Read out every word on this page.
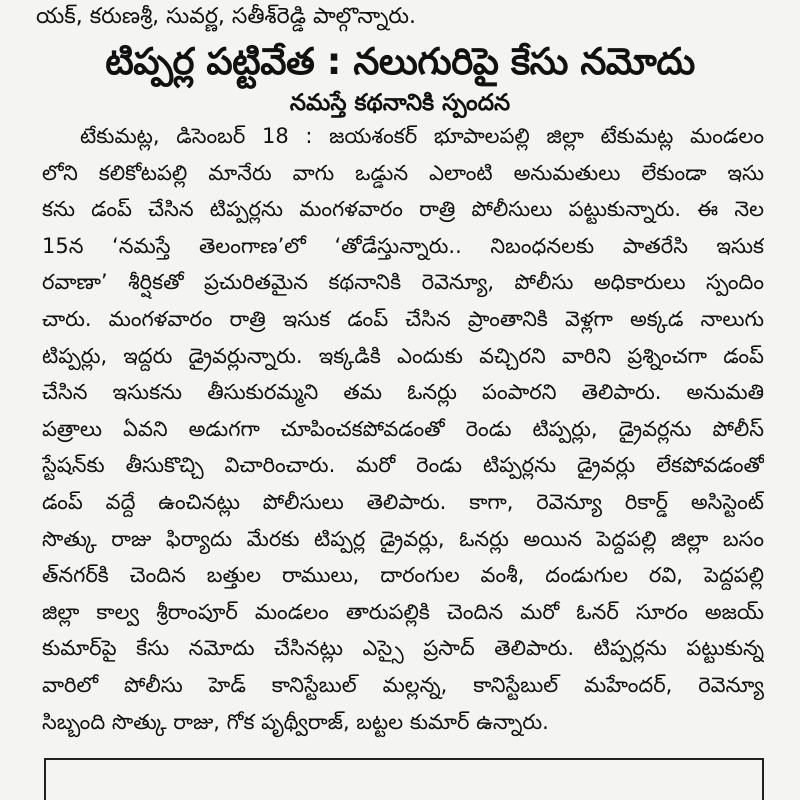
యక్‌, కరుణశ్రీ, సువర్ణ, సతీశ్‌రెడ్డి పాల్గొన్నారు.
టిప్పర్ల పట్టివేత : నలుగురిపై కేసు నమోదు
నమస్తే కథనానికి స్పందన
టేకుమట్ల, డిసెంబర్ 18 : జయశంకర్ భూపాలపల్లి జిల్లా టేకుమట్ల మండలం
లోని కలికోటపల్లి మానేరు వాగు ఒడ్డున ఎలాంటి అనుమతులు లేకుండా ఇసు
కను డంప్ చేసిన టిప్పర్లను మంగళవారం రాత్రి పోలీసులు పట్టుకున్నారు. ఈ నెల
15న ‘నమస్తే తెలంగాణ’లో ‘తోడేస్తున్నారు.. నిబంధనలకు పాతరేసి ఇసుక
రవాణా’ శీర్షికతో ప్రచురితమైన కథనానికి రెవెన్యూ, పోలీసు అధికారులు స్పందిం
చారు. మంగళవారం రాత్రి ఇసుక డంప్ చేసిన ప్రాంతానికి వెళ్లగా అక్కడ నాలుగు
టిప్పర్లు, ఇద్దరు డ్రైవర్లున్నారు. ఇక్కడికి ఎందుకు వచ్చిరని వారిని ప్రశ్నించగా డంప్
చేసిన ఇసుకను తీసుకురమ్మని తమ ఓనర్లు పంపారని తెలిపారు. అనుమతి
పత్రాలు ఏవని అడుగగా చూపించకపోవడంతో రెండు టిప్పర్లు, డ్రైవర్లను పోలీస్
స్టేషన్‌కు తీసుకొచ్చి విచారించారు. మరో రెండు టిప్పర్లను డ్రైవర్లు లేకపోవడంతో
డంప్ వద్దే ఉంచినట్లు పోలీసులు తెలిపారు. కాగా, రెవెన్యూ రికార్డ్ అసిస్టెంట్
సొత్కు రాజు ఫిర్యాదు మేరకు టిప్పర్ల డ్రైవర్లు, ఓనర్లు అయిన పెద్దపల్లి జిల్లా బసం
త్‌నగర్‌కి చెందిన బత్తుల రాములు, దారంగుల వంశీ, దండుగుల రవి, పెద్దపల్లి
జిల్లా కాల్వ శ్రీరాంపూర్ మండలం తారుపల్లికి చెందిన మరో ఓనర్ సూరం అజయ్
కుమార్‌పై కేసు నమోదు చేసినట్లు ఎస్సై ప్రసాద్ తెలిపారు. టిప్పర్లను పట్టుకున్న
వారిలో పోలీసు హెడ్ కానిస్టేబుల్ మల్లన్న, కానిస్టేబుల్ మహేందర్, రెవెన్యూ
సిబ్బంది సొత్కు రాజు, గోక పృథ్వీరాజ్, బట్టల కుమార్ ఉన్నారు.
